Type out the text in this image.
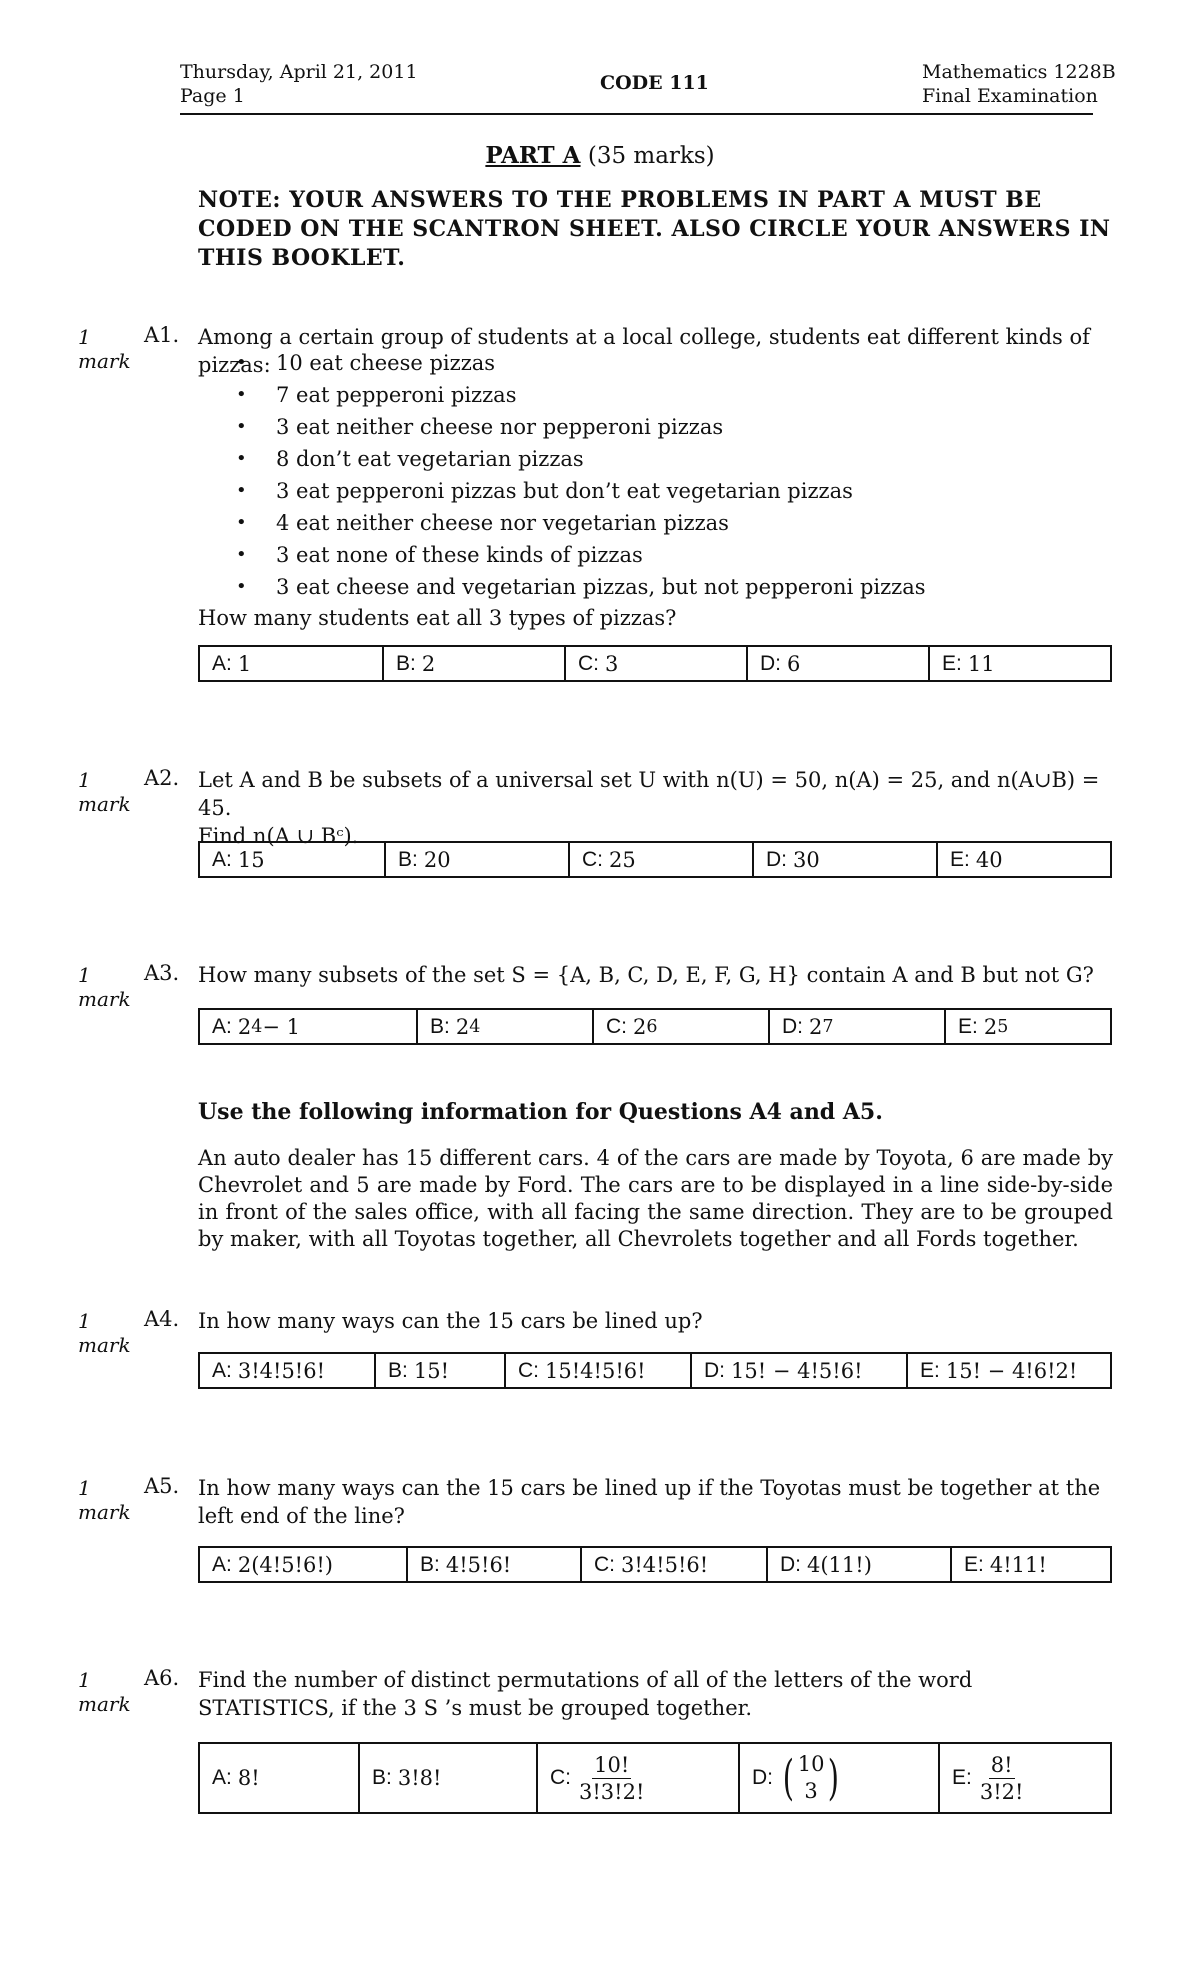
Thursday, April 21, 2011
Page 1
CODE 111	Mathematics 1228B
Final Examination
PART A (35 marks)
NOTE: YOUR ANSWERS TO THE PROBLEMS IN PART A MUST BE CODED ON THE SCANTRON SHEET. ALSO CIRCLE YOUR ANSWERS IN THIS BOOKLET.
1
mark
A1. Among a certain group of students at a local college, students eat different kinds of pizzas:
• 10 eat cheese pizzas
• 7 eat pepperoni pizzas
• 3 eat neither cheese nor pepperoni pizzas
• 8 don’t eat vegetarian pizzas
• 3 eat pepperoni pizzas but don’t eat vegetarian pizzas
• 4 eat neither cheese nor vegetarian pizzas
• 3 eat none of these kinds of pizzas
• 3 eat cheese and vegetarian pizzas, but not pepperoni pizzas
How many students eat all 3 types of pizzas?
A: 1	B: 2	C: 3	D: 6	E: 11
1
mark
A2. Let A and B be subsets of a universal set U with n(U) = 50, n(A) = 25, and n(A∪B) = 45.
Find n(A ∪ Bᶜ).
A: 15	B: 20	C: 25	D: 30	E: 40
1
mark
A3. How many subsets of the set S = {A, B, C, D, E, F, G, H} contain A and B but not G?
A: 2 4 − 1	B: 2 4	C: 2 6	D: 2 7	E: 2 5
Use the following information for Questions A4 and A5.
An auto dealer has 15 different cars. 4 of the cars are made by Toyota, 6 are made by Chevrolet and 5 are made by Ford. The cars are to be displayed in a line side-by-side in front of the sales office, with all facing the same direction. They are to be grouped by maker, with all Toyotas together, all Chevrolets together and all Fords together.
1
mark
A4. In how many ways can the 15 cars be lined up?
A: 3!4!5!6!	B: 15!	C: 15!4!5!6!	D: 15! − 4!5!6!	E: 15! − 4!6!2!
1
mark
A5. In how many ways can the 15 cars be lined up if the Toyotas must be together at the left end of the line?
A: 2(4!5!6!)	B: 4!5!6!	C: 3!4!5!6!	D: 4(11!)	E: 4!11!
1
mark
A6. Find the number of distinct permutations of all of the letters of the word STATISTICS, if the 3 S ’s must be grouped together.
A: 8!	B: 3!8!	C: $\frac{10!}{3!3!2!}$	D: ( 10
3 )	E: $\frac{8!}{3!2!}$
